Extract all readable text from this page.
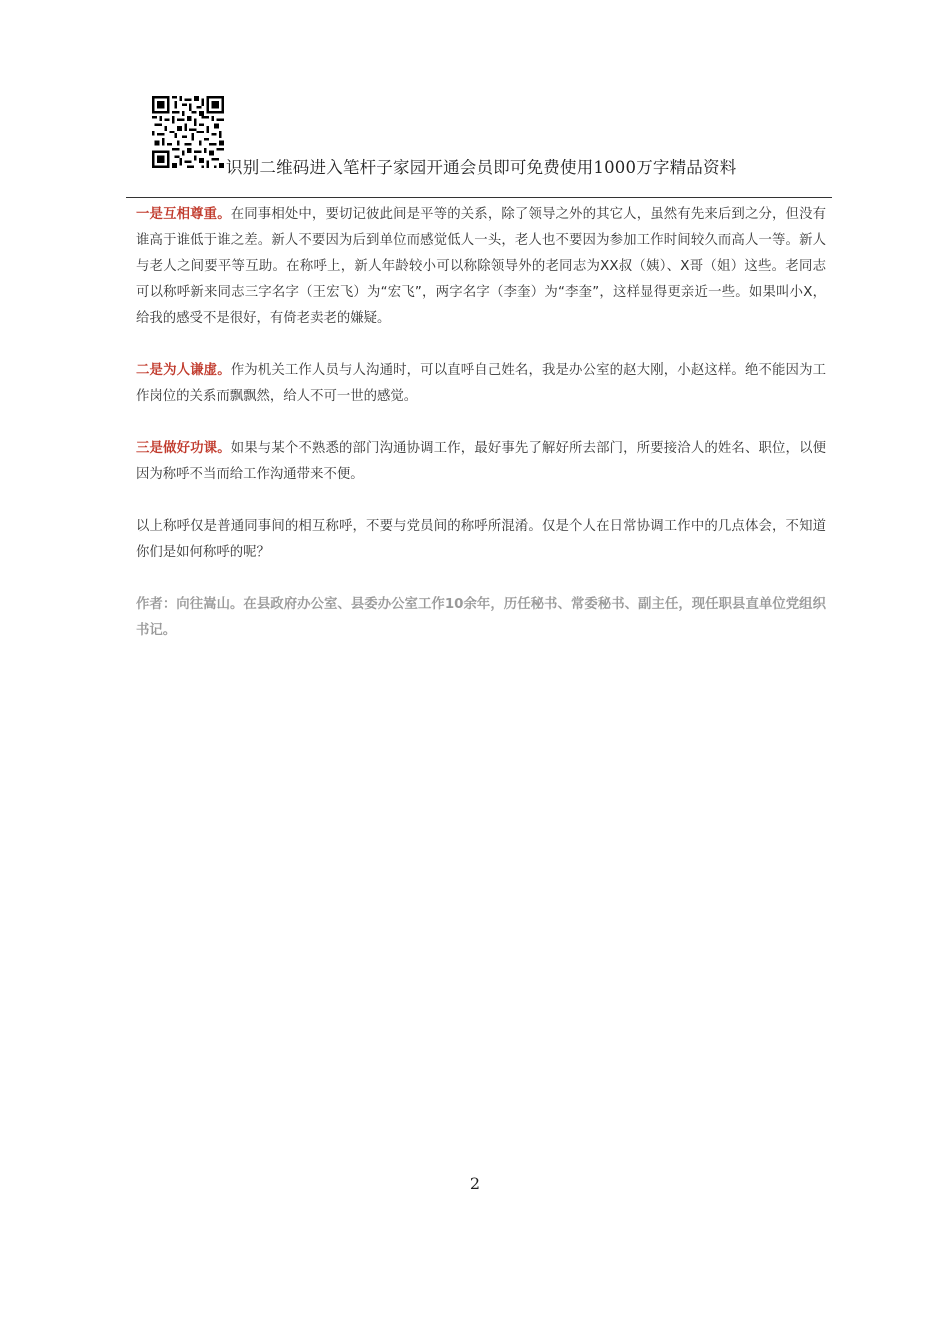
识别二维码进入笔杆子家园开通会员即可免费使用1000万字精品资料

一是互相尊重。在同事相处中，要切记彼此间是平等的关系，除了领导之外的其它人，虽然有先来后到之分，但没有谁高于谁低于谁之差。新人不要因为后到单位而感觉低人一头，老人也不要因为参加工作时间较久而高人一等。新人与老人之间要平等互助。在称呼上，新人年龄较小可以称除领导外的老同志为XX叔（姨）、X哥（姐）这些。老同志可以称呼新来同志三字名字（王宏飞）为“宏飞”，两字名字（李奎）为“李奎”，这样显得更亲近一些。如果叫小X，给我的感受不是很好，有倚老卖老的嫌疑。

二是为人谦虚。作为机关工作人员与人沟通时，可以直呼自己姓名，我是办公室的赵大刚，小赵这样。绝不能因为工作岗位的关系而飘飘然，给人不可一世的感觉。

三是做好功课。如果与某个不熟悉的部门沟通协调工作，最好事先了解好所去部门，所要接洽人的姓名、职位，以便因为称呼不当而给工作沟通带来不便。

以上称呼仅是普通同事间的相互称呼，不要与党员间的称呼所混淆。仅是个人在日常协调工作中的几点体会，不知道你们是如何称呼的呢？

作者：向往嵩山。在县政府办公室、县委办公室工作10余年，历任秘书、常委秘书、副主任，现任职县直单位党组织书记。

2
